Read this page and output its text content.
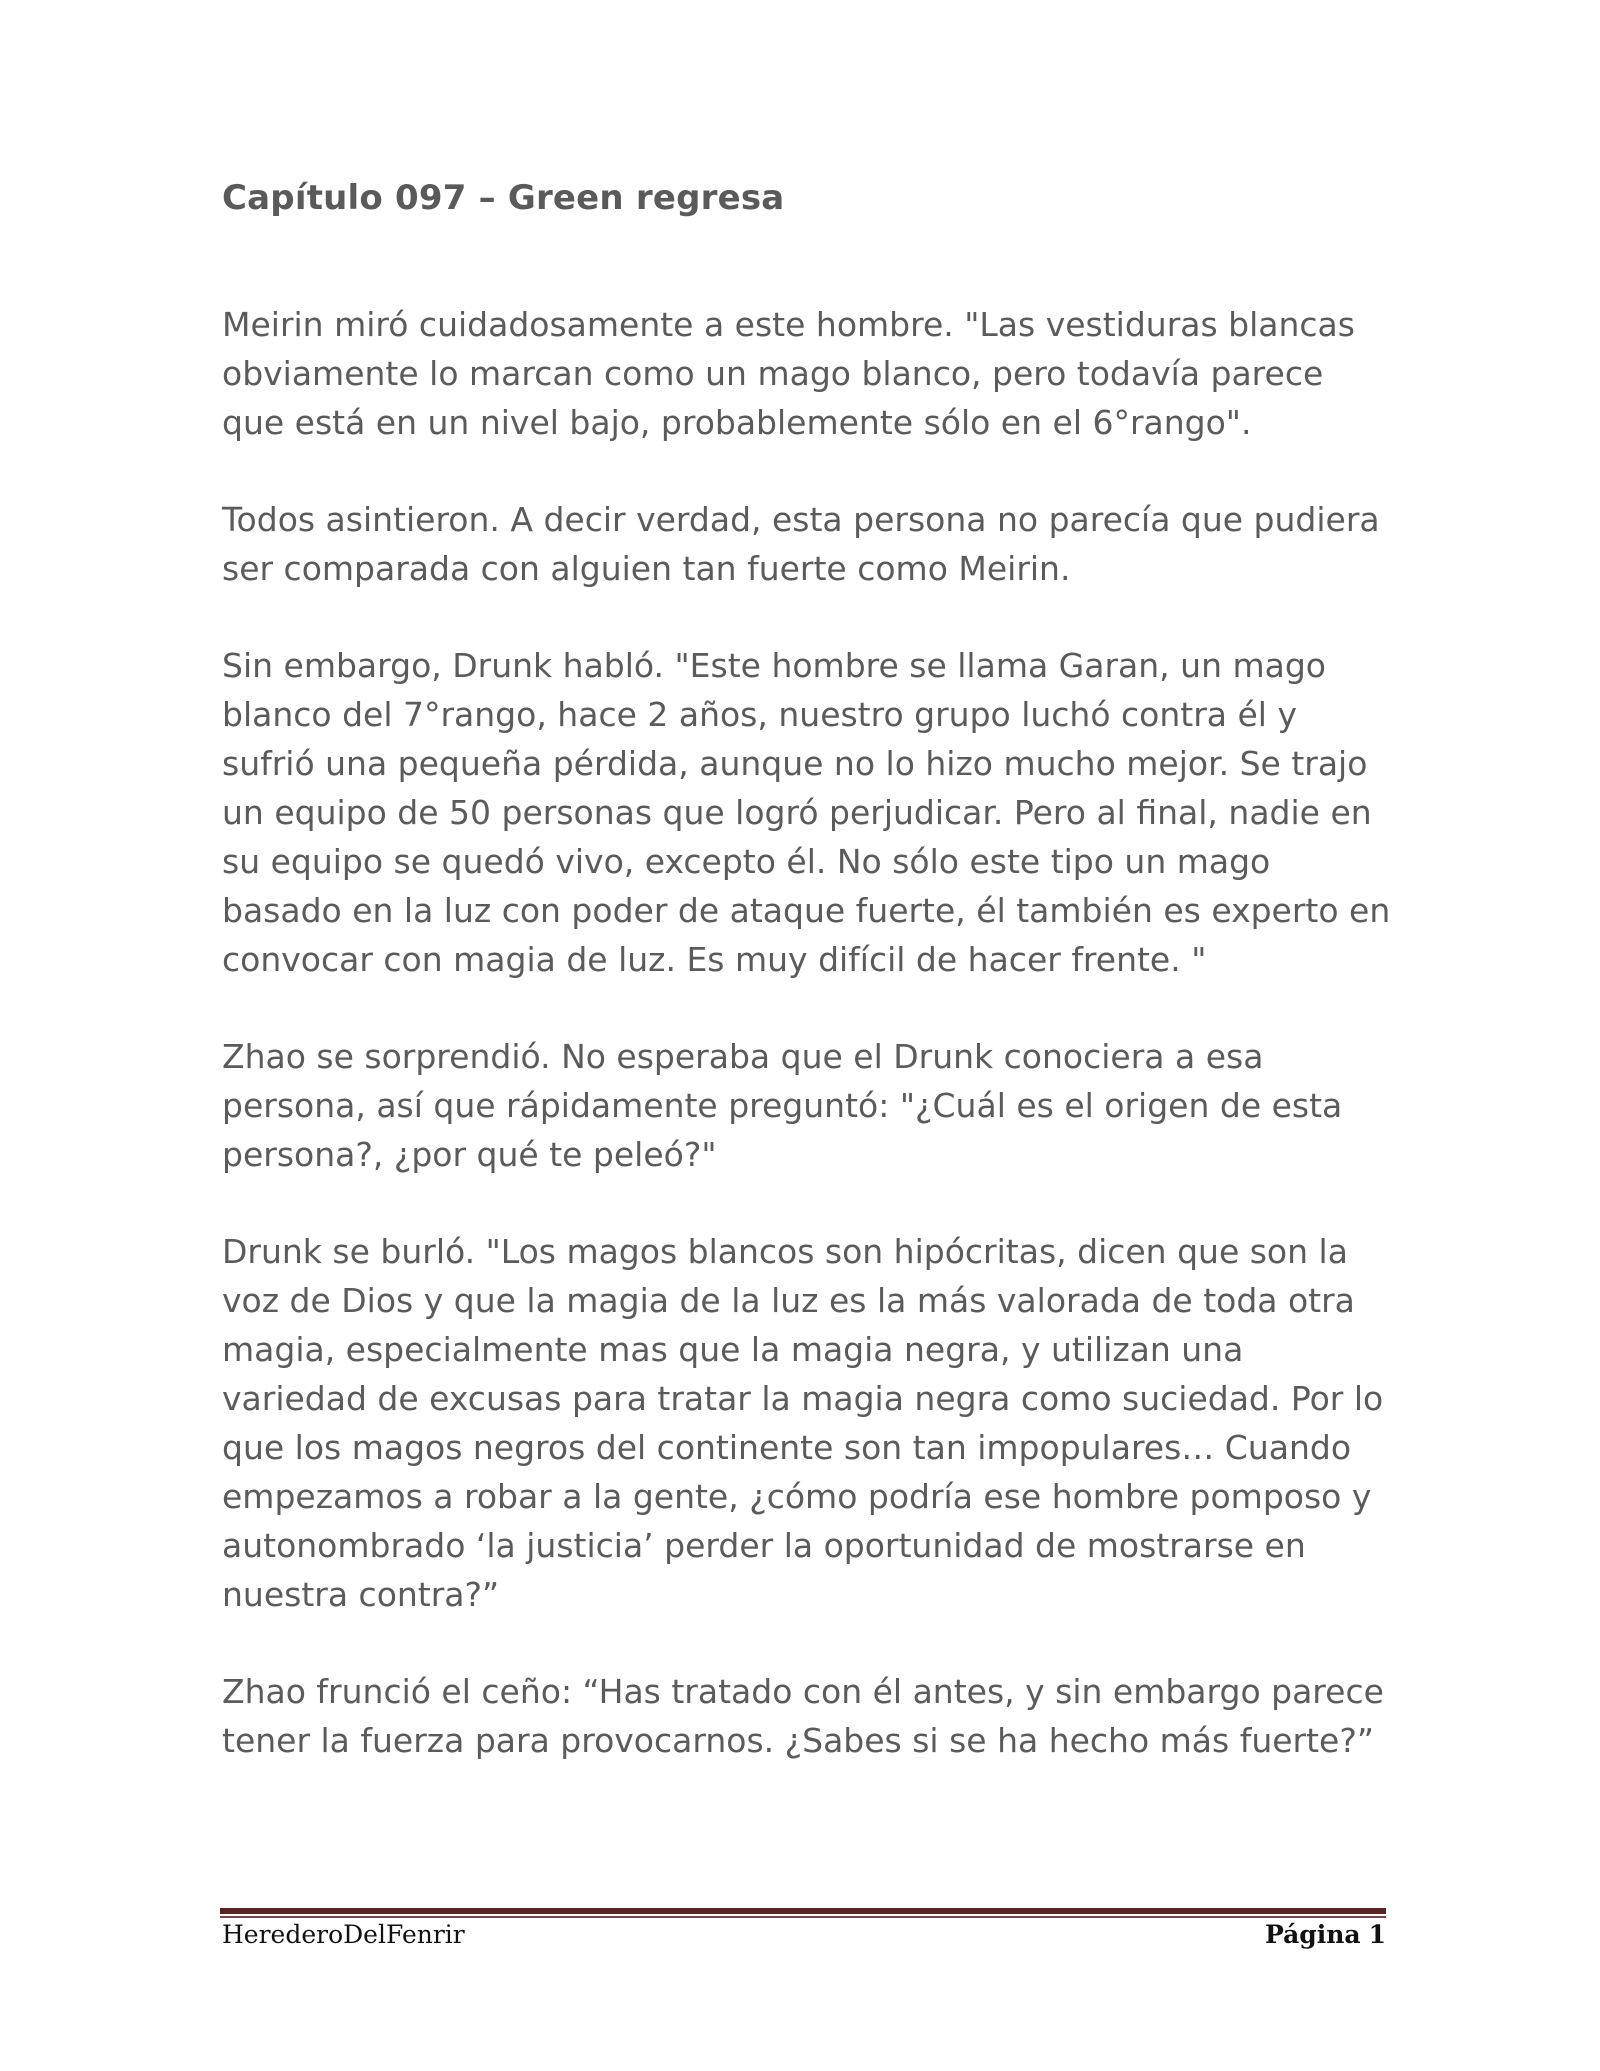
Capítulo 097 – Green regresa

Meirin miró cuidadosamente a este hombre. "Las vestiduras blancas obviamente lo marcan como un mago blanco, pero todavía parece que está en un nivel bajo, probablemente sólo en el 6°rango".

Todos asintieron. A decir verdad, esta persona no parecía que pudiera ser comparada con alguien tan fuerte como Meirin.

Sin embargo, Drunk habló. "Este hombre se llama Garan, un mago blanco del 7°rango, hace 2 años, nuestro grupo luchó contra él y sufrió una pequeña pérdida, aunque no lo hizo mucho mejor. Se trajo un equipo de 50 personas que logró perjudicar. Pero al final, nadie en su equipo se quedó vivo, excepto él. No sólo este tipo un mago basado en la luz con poder de ataque fuerte, él también es experto en convocar con magia de luz. Es muy difícil de hacer frente. "

Zhao se sorprendió. No esperaba que el Drunk conociera a esa persona, así que rápidamente preguntó: "¿Cuál es el origen de esta persona?, ¿por qué te peleó?"

Drunk se burló. "Los magos blancos son hipócritas, dicen que son la voz de Dios y que la magia de la luz es la más valorada de toda otra magia, especialmente mas que la magia negra, y utilizan una variedad de excusas para tratar la magia negra como suciedad. Por lo que los magos negros del continente son tan impopulares… Cuando empezamos a robar a la gente, ¿cómo podría ese hombre pomposo y autonombrado ‘la justicia’ perder la oportunidad de mostrarse en nuestra contra?”

Zhao frunció el ceño: “Has tratado con él antes, y sin embargo parece tener la fuerza para provocarnos. ¿Sabes si se ha hecho más fuerte?”

HerederoDelFenrir	Página 1
